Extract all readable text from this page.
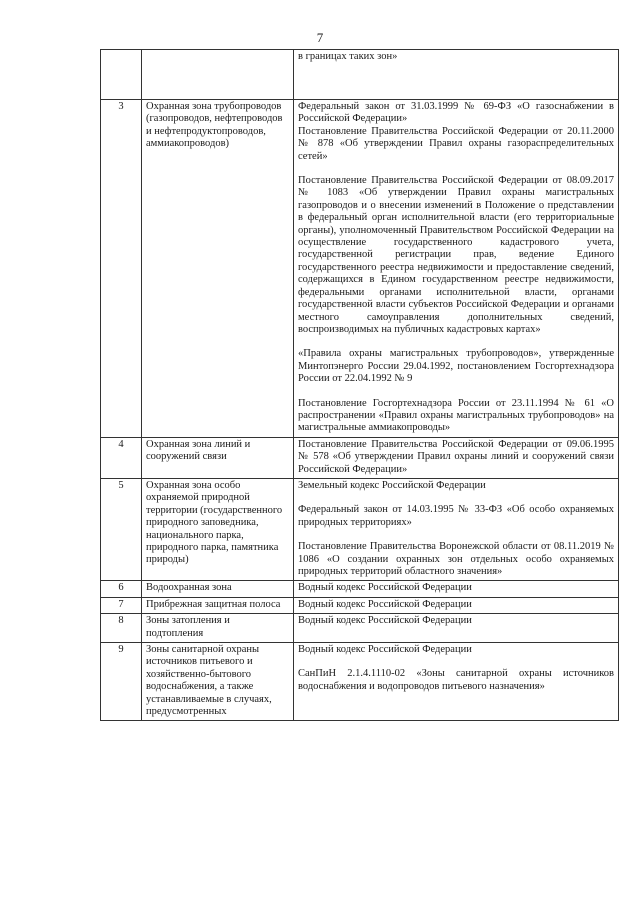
7

		в границах таких зон»

3	Охранная зона трубопроводов (газопроводов, нефтепроводов и нефтепродуктопроводов, аммиакопроводов)	Федеральный закон от 31.03.1999 № 69-ФЗ «О газоснабжении в Российской Федерации»

Постановление Правительства Российской Федерации от 20.11.2000 № 878 «Об утверждении Правил охраны газораспределительных сетей»

Постановление Правительства Российской Федерации от 08.09.2017 № 1083 «Об утверждении Правил охраны магистральных газопроводов и о внесении изменений в Положение о представлении в федеральный орган исполнительной власти (его территориальные органы), уполномоченный Правительством Российской Федерации на осуществление государственного кадастрового учета, государственной регистрации прав, ведение Единого государственного реестра недвижимости и предоставление сведений, содержащихся в Едином государственном реестре недвижимости, федеральными органами исполнительной власти, органами государственной власти субъектов Российской Федерации и органами местного самоуправления дополнительных сведений, воспроизводимых на публичных кадастровых картах»

«Правила охраны магистральных трубопроводов», утвержденные Минтопэнерго России 29.04.1992, постановлением Госгортехнадзора России от 22.04.1992 № 9

Постановление Госгортехнадзора России от 23.11.1994 № 61 «О распространении «Правил охраны магистральных трубопроводов» на магистральные аммиакопроводы»

4	Охранная зона линий и сооружений связи	Постановление Правительства Российской Федерации от 09.06.1995 № 578 «Об утверждении Правил охраны линий и сооружений связи Российской Федерации»

5	Охранная зона особо охраняемой природной территории (государственного природного заповедника, национального парка, природного парка, памятника природы)	Земельный кодекс Российской Федерации

Федеральный закон от 14.03.1995 № 33-ФЗ «Об особо охраняемых природных территориях»

Постановление Правительства Воронежской области от 08.11.2019 № 1086 «О создании охранных зон отдельных особо охраняемых природных территорий областного значения»

6	Водоохранная зона	Водный кодекс Российской Федерации

7	Прибрежная защитная полоса	Водный кодекс Российской Федерации

8	Зоны затопления и подтопления	Водный кодекс Российской Федерации

9	Зоны санитарной охраны источников питьевого и хозяйственно-бытового водоснабжения, а также устанавливаемые в случаях, предусмотренных	Водный кодекс Российской Федерации

СанПиН 2.1.4.1110-02 «Зоны санитарной охраны источников водоснабжения и водопроводов питьевого назначения»
